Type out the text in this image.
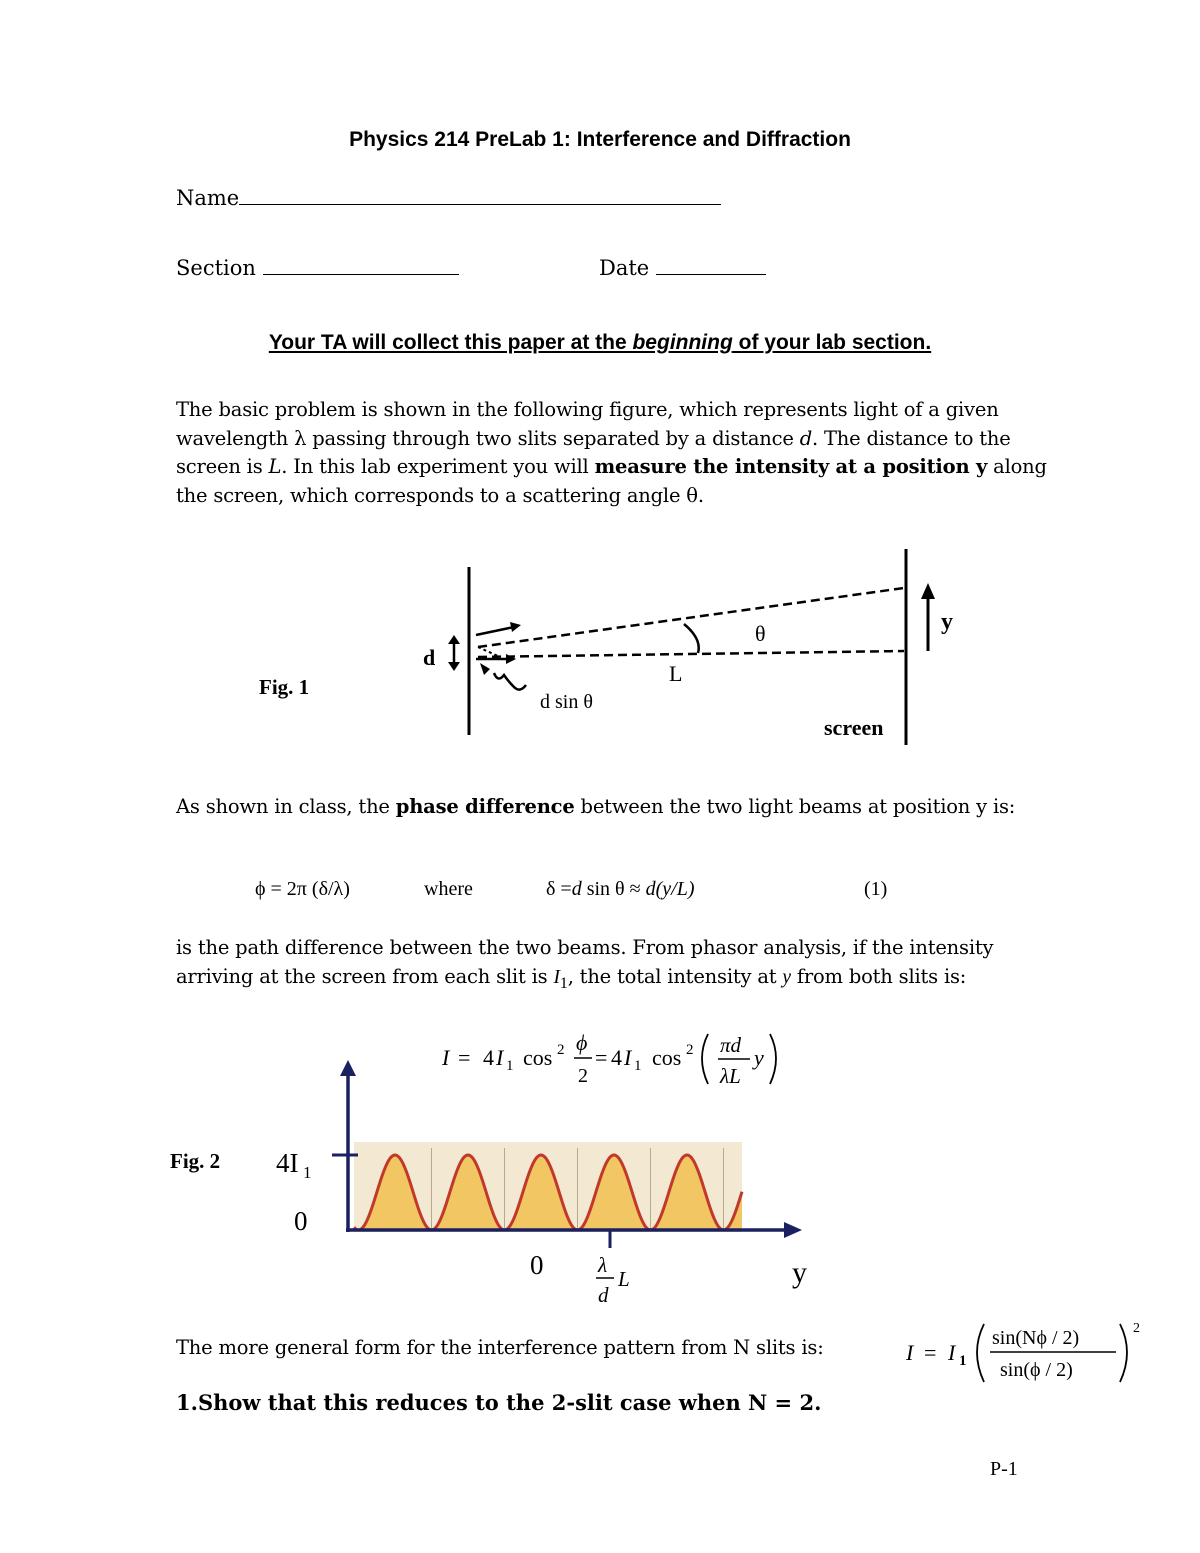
Physics 214 PreLab 1: Interference and Diffraction
Name
Section	Date
Your TA will collect this paper at the beginning of your lab section.
The basic problem is shown in the following figure, which represents light of a given wavelength λ passing through two slits separated by a distance d. The distance to the screen is L. In this lab experiment you will measure the intensity at a position y along the screen, which corresponds to a scattering angle θ.
Fig. 1
d
θ	y
L
d sin θ
screen
As shown in class, the phase difference between the two light beams at position y is:
ϕ = 2π (δ/λ)	where	δ =d sin θ ≈ d(y/L)	(1)
is the path difference between the two beams. From phasor analysis, if the intensity arriving at the screen from each slit is $I_1$, the total intensity at y from both slits is:
I = 4 I 1 cos 2 ϕ
2
= 4 I 1 cos 2 πd
λL
y
Fig. 2 4I 1
0
0	λ
d
L	y
The more general form for the interference pattern from N slits is:	I = I 1
sin(Nϕ / 2)
sin(ϕ / 2)
2
1.Show that this reduces to the 2-slit case when N = 2.
P-1
